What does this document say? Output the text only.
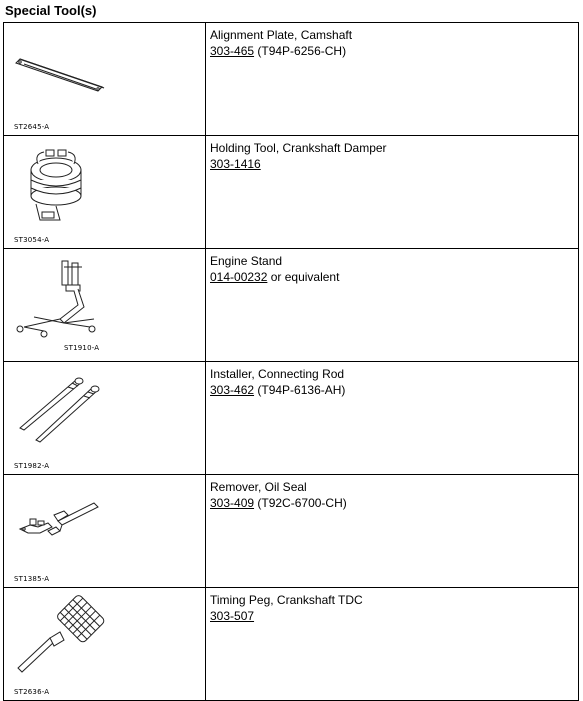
Special Tool(s)
ST2645-A	Alignment Plate, Camshaft
303-465 (T94P-6256-CH)

ST3054-A	Holding Tool, Crankshaft Damper
303-1416

ST1910-A	Engine Stand
014-00232 or equivalent

ST1982-A	Installer, Connecting Rod
303-462 (T94P-6136-AH)

ST1385-A	Remover, Oil Seal
303-409 (T92C-6700-CH)

ST2636-A	Timing Peg, Crankshaft TDC
303-507
